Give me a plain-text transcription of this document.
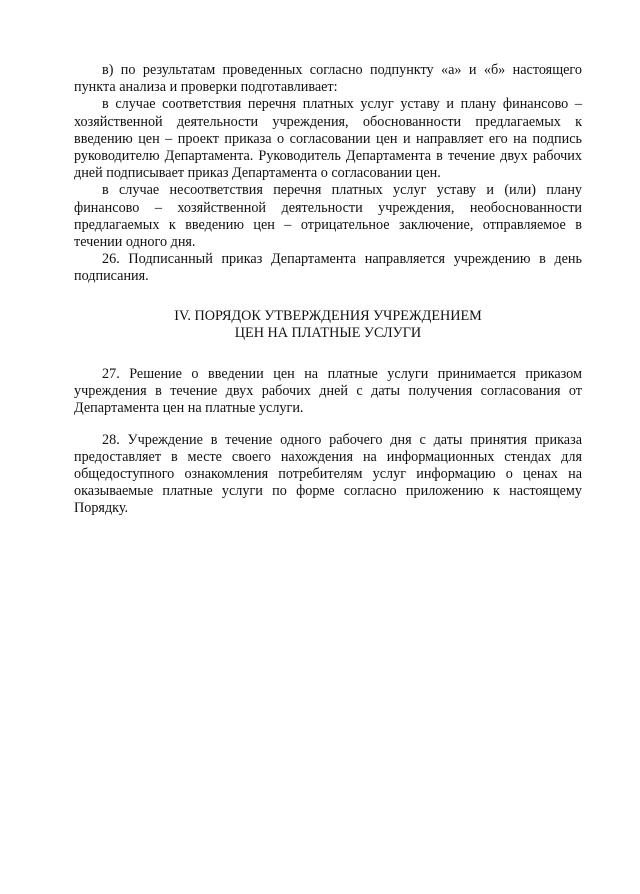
в) по результатам проведенных согласно подпункту «а» и «б» настоящего пункта анализа и проверки подготавливает:

в случае соответствия перечня платных услуг уставу и плану финансово – хозяйственной деятельности учреждения, обоснованности предлагаемых к введению цен – проект приказа о согласовании цен и направляет его на подпись руководителю Департамента. Руководитель Департамента в течение двух рабочих дней подписывает приказ Департамента о согласовании цен.

в случае несоответствия перечня платных услуг уставу и (или) плану финансово – хозяйственной деятельности учреждения, необоснованности предлагаемых к введению цен – отрицательное заключение, отправляемое в течении одного дня.

26. Подписанный приказ Департамента направляется учреждению в день подписания.

IV. ПОРЯДОК УТВЕРЖДЕНИЯ УЧРЕЖДЕНИЕМ
ЦЕН НА ПЛАТНЫЕ УСЛУГИ

27. Решение о введении цен на платные услуги принимается приказом учреждения в течение двух рабочих дней с даты получения согласования от Департамента цен на платные услуги.

28. Учреждение в течение одного рабочего дня с даты принятия приказа предоставляет в месте своего нахождения на информационных стендах для общедоступного ознакомления потребителям услуг информацию о ценах на оказываемые платные услуги по форме согласно приложению к настоящему Порядку.
